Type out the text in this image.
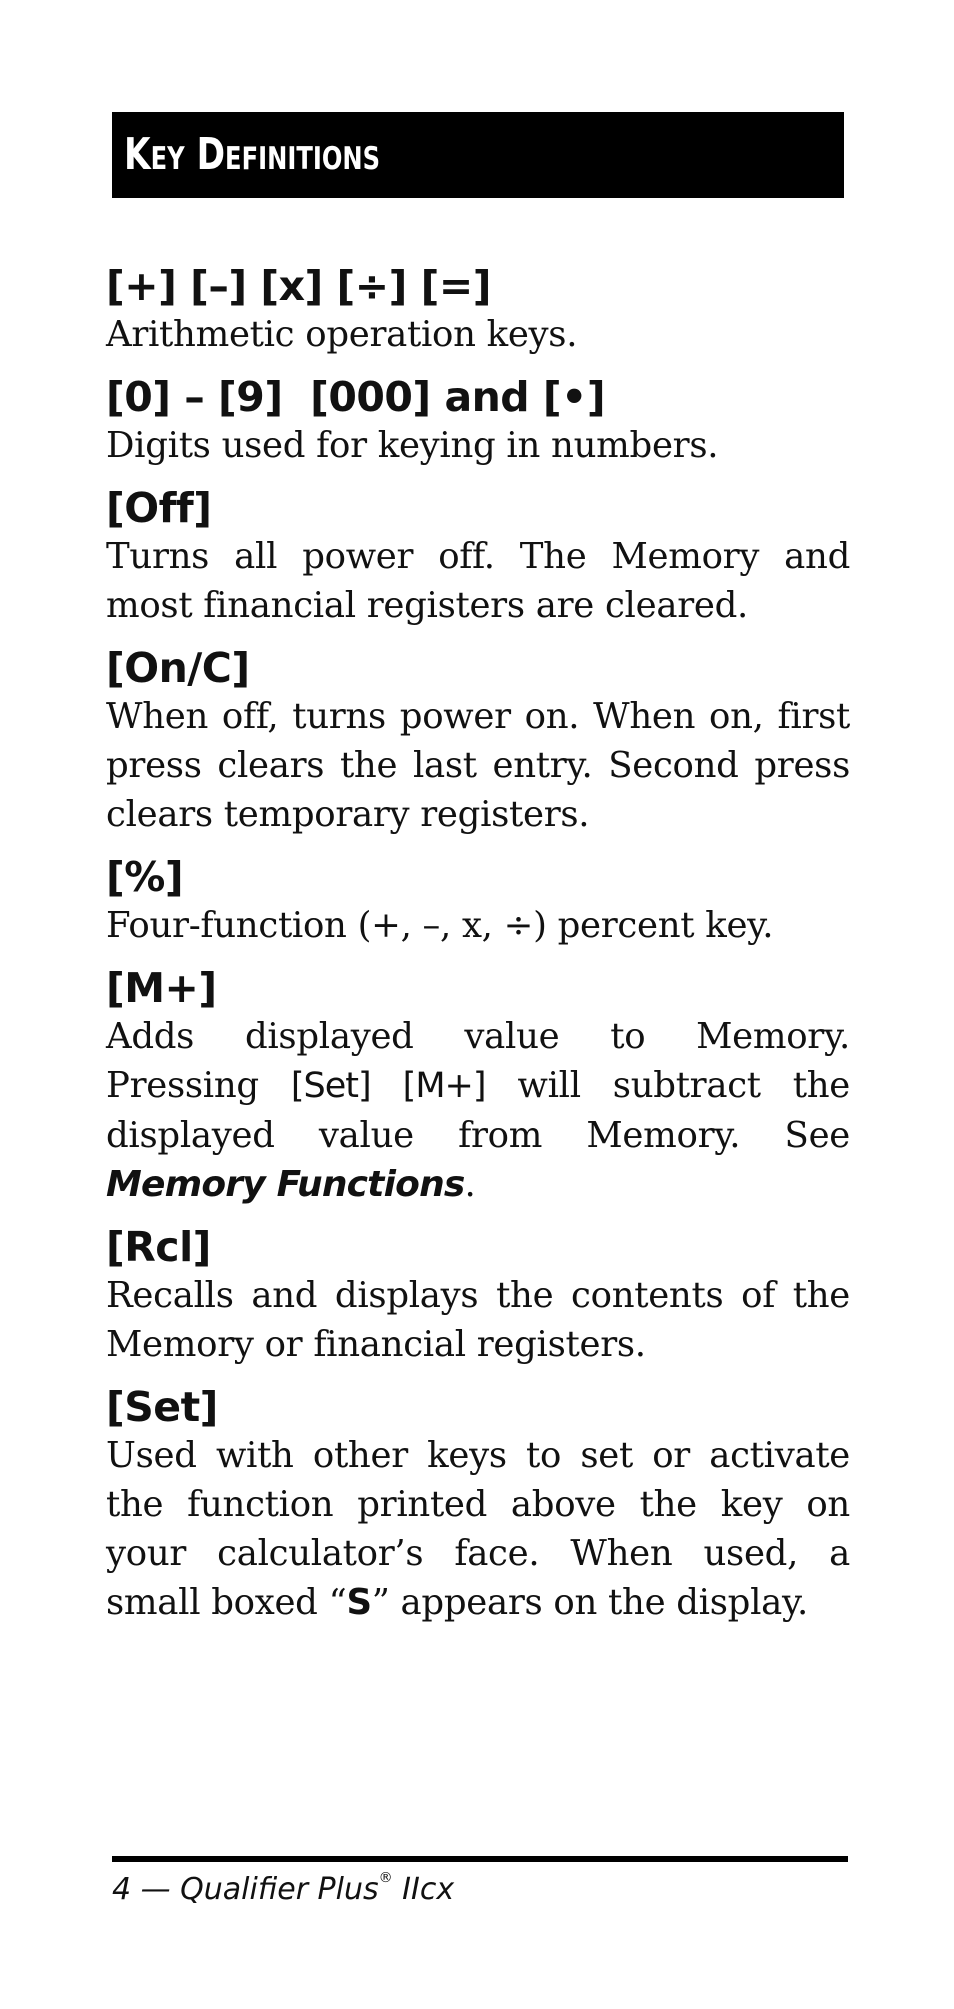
Key Definitions
[+] [–] [x] [÷] [=]
Arithmetic operation keys.
[0] – [9]  [000] and [•]
Digits used for keying in numbers.
[Off]
Turns all power off. The Memory and most financial registers are cleared.
[On/C]
When off, turns power on. When on, first press clears the last entry. Second press clears temporary registers.
[%]
Four-function (+, –, x, ÷) percent key.
[M+]
Adds displayed value to Memory. Pressing [Set] [M+] will subtract the displayed value from Memory. See Memory Functions.
[Rcl]
Recalls and displays the contents of the Memory or financial registers.
[Set]
Used with other keys to set or activate the function printed above the key on your calculator’s face. When used, a small boxed “S” appears on the display.
4 — Qualifier Plus® IIcx
